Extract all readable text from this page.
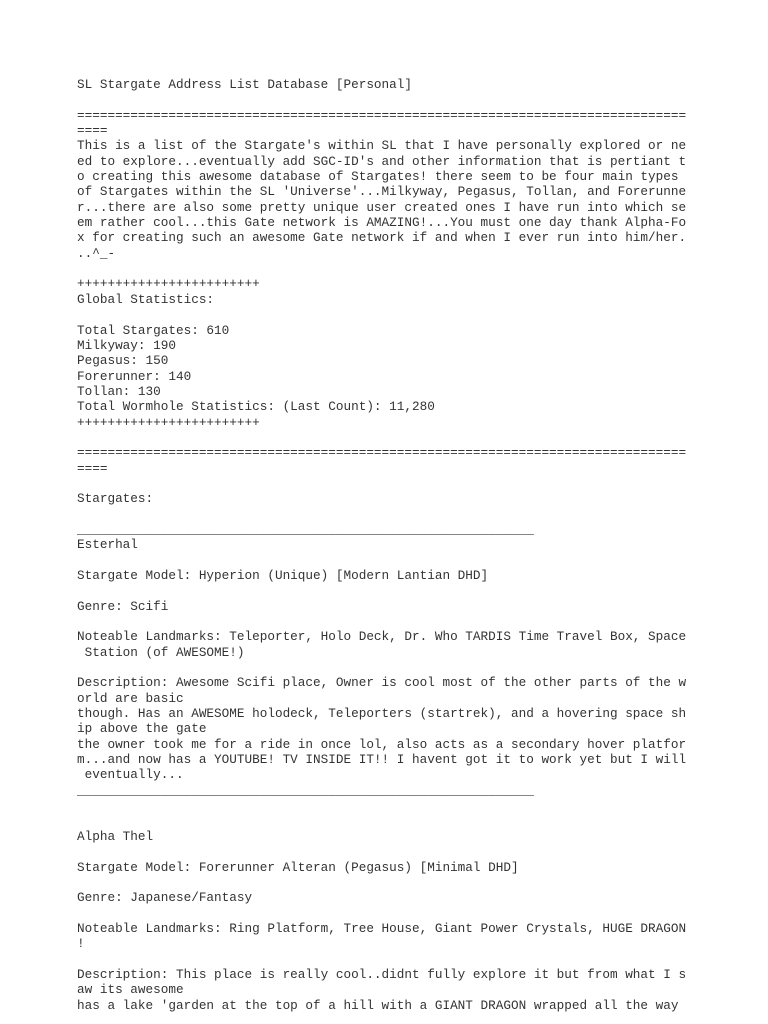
SL Stargate Address List Database [Personal]

================================================================================
====
This is a list of the Stargate's within SL that I have personally explored or ne
ed to explore...eventually add SGC-ID's and other information that is pertiant t
o creating this awesome database of Stargates! there seem to be four main types
of Stargates within the SL 'Universe'...Milkyway, Pegasus, Tollan, and Forerunne
r...there are also some pretty unique user created ones I have run into which se
em rather cool...this Gate network is AMAZING!...You must one day thank Alpha-Fo
x for creating such an awesome Gate network if and when I ever run into him/her.
..^_-

++++++++++++++++++++++++
Global Statistics:

Total Stargates: 610
Milkyway: 190
Pegasus: 150
Forerunner: 140
Tollan: 130
Total Wormhole Statistics: (Last Count): 11,280
++++++++++++++++++++++++

================================================================================
====

Stargates:

____________________________________________________________
Esterhal

Stargate Model: Hyperion (Unique) [Modern Lantian DHD]

Genre: Scifi

Noteable Landmarks: Teleporter, Holo Deck, Dr. Who TARDIS Time Travel Box, Space
Station (of AWESOME!)

Description: Awesome Scifi place, Owner is cool most of the other parts of the w
orld are basic
though. Has an AWESOME holodeck, Teleporters (startrek), and a hovering space sh
ip above the gate
the owner took me for a ride in once lol, also acts as a secondary hover platfor
m...and now has a YOUTUBE! TV INSIDE IT!! I havent got it to work yet but I will
eventually...
____________________________________________________________

Alpha Thel

Stargate Model: Forerunner Alteran (Pegasus) [Minimal DHD]

Genre: Japanese/Fantasy

Noteable Landmarks: Ring Platform, Tree House, Giant Power Crystals, HUGE DRAGON
!

Description: This place is really cool..didnt fully explore it but from what I s
aw its awesome
has a lake 'garden at the top of a hill with a GIANT DRAGON wrapped all the way
